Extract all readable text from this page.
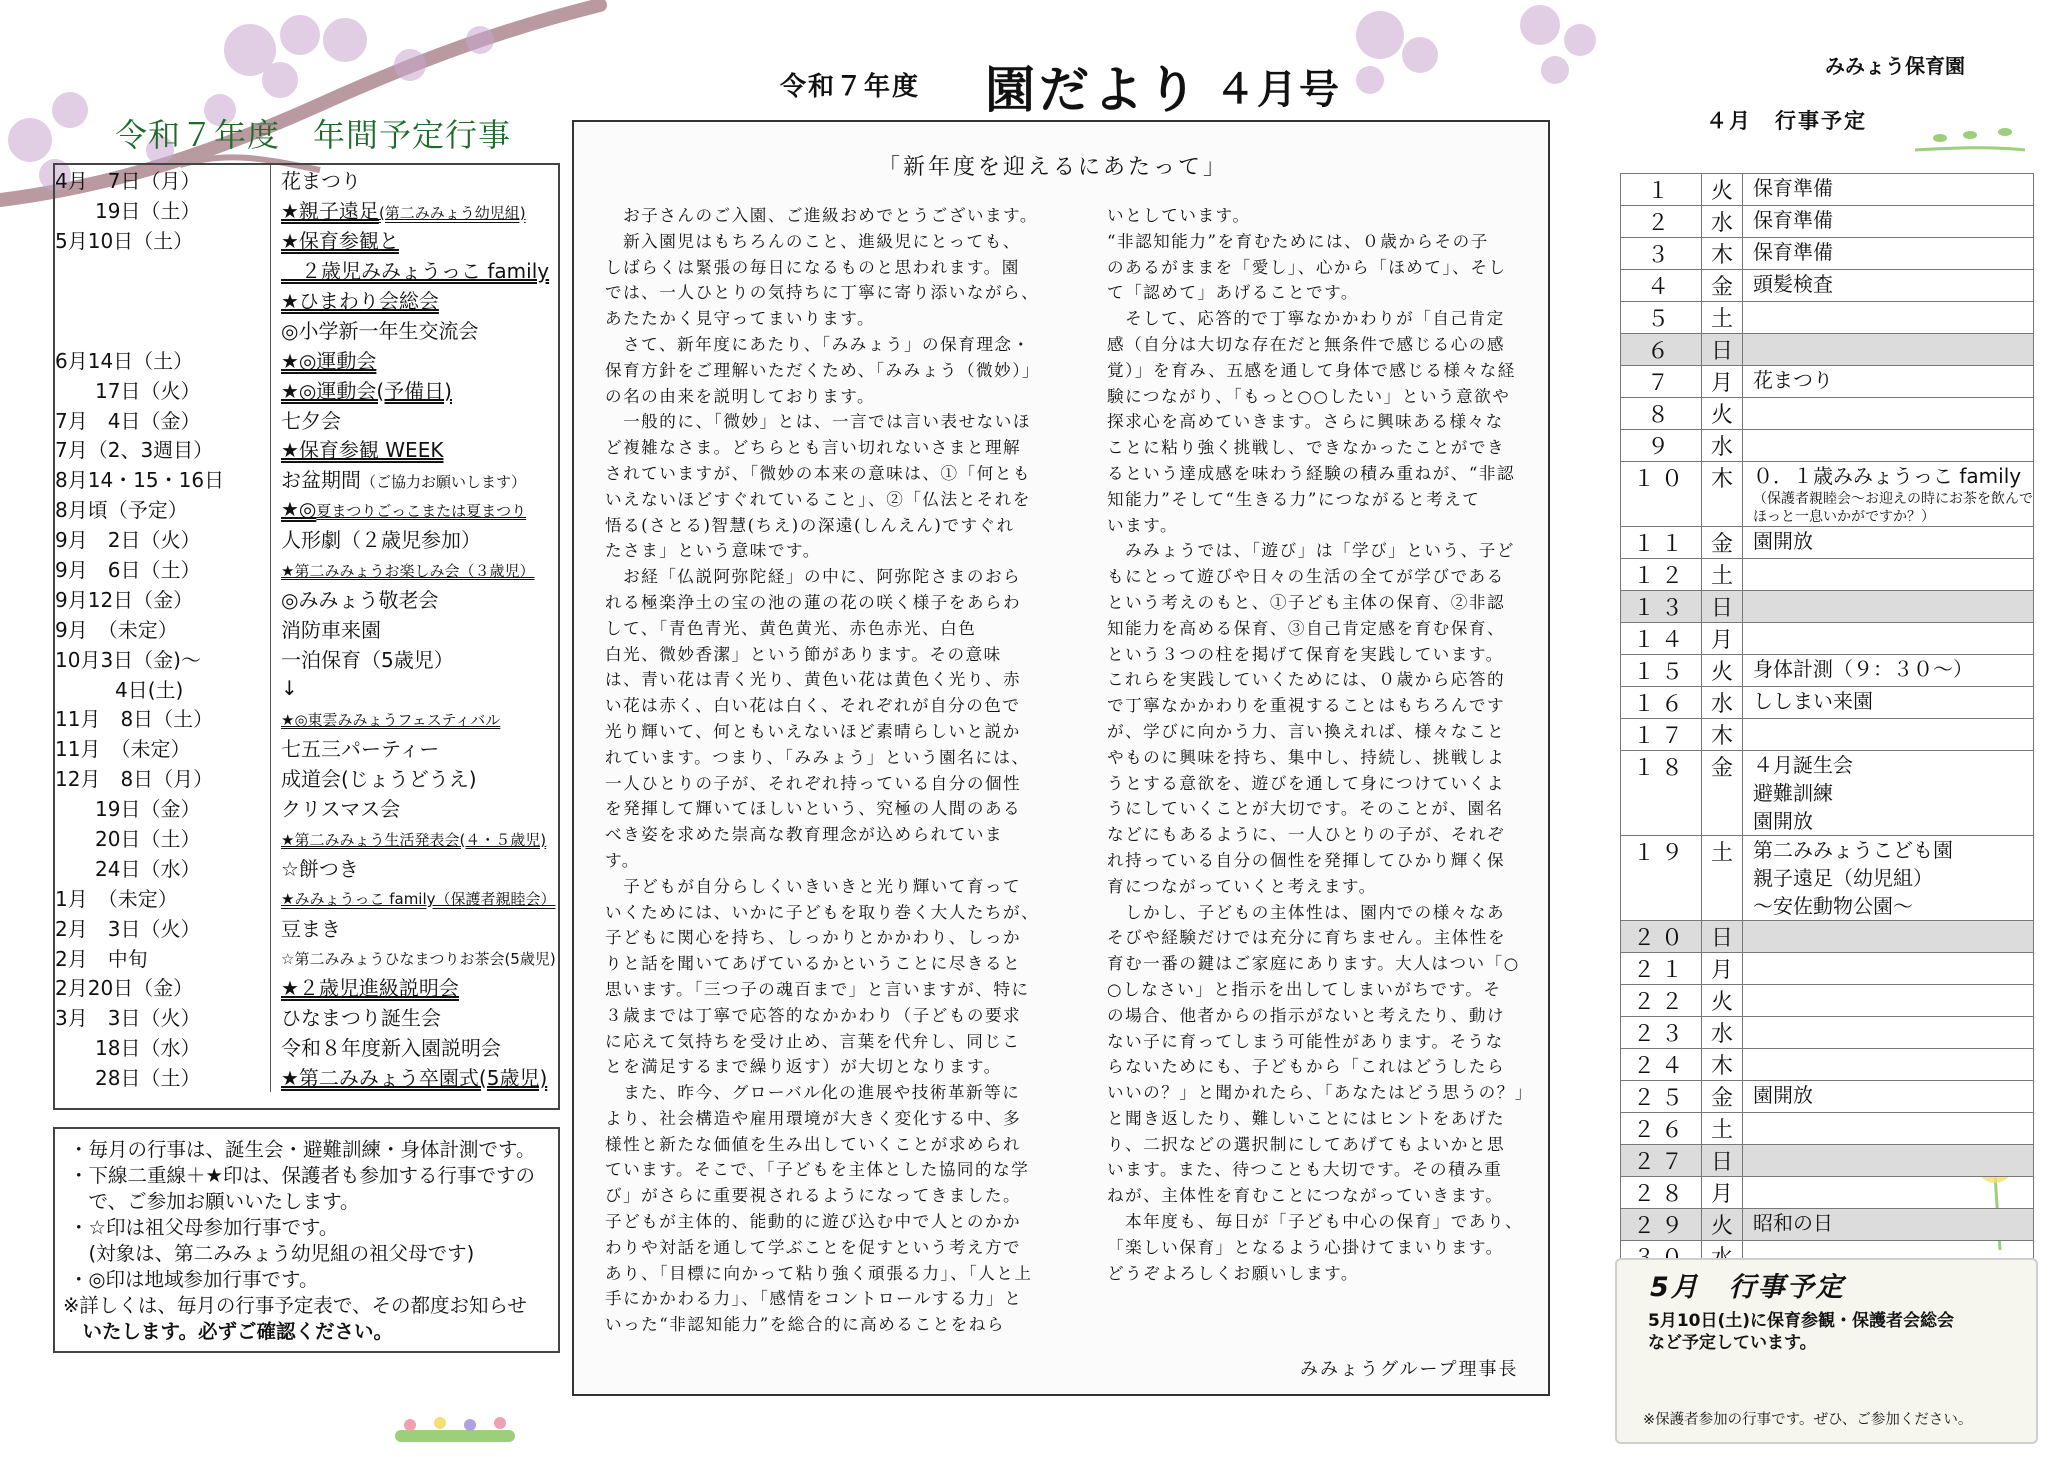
令和７年度 園だより ４月号
みみょう保育園
令和７年度　年間予定行事
4月　7日（月）	花まつり
　　19日（土）	★親子遠足(第二みみょう幼児組)
5月10日（土）	★保育参観と
	　２歳児みみょうっこ family
	★ひまわり会総会
	◎小学新一年生交流会
6月14日（土）	★◎運動会
　　17日（火）	★◎運動会(予備日)
7月　4日（金）	七夕会
7月（2、3週目）	★保育参観 WEEK
8月14・15・16日	お盆期間（ご協力お願いします）
8月頃（予定）	★◎夏まつりごっこまたは夏まつり
9月　2日（火）	人形劇（２歳児参加）
9月　6日（土）	★第二みみょうお楽しみ会（３歳児）
9月12日（金）	◎みみょう敬老会
9月　（未定）	消防車来園
10月3日（金)～	一泊保育（5歳児）
　　　4日(土)	↓
11月　8日（土）	★◎東雲みみょうフェスティバル
11月　（未定）	七五三パーティー
12月　8日（月）	成道会(じょうどうえ)
　　19日（金）	クリスマス会
　　20日（土）	★第二みみょう生活発表会(４・５歳児)
　　24日（水）	☆餅つき
1月　（未定）	★みみょうっこ family（保護者親睦会）
2月　3日（火）	豆まき
2月　中旬	☆第二みみょうひなまつりお茶会(5歳児)
2月20日（金）	★２歳児進級説明会
3月　3日（火）	ひなまつり誕生会
　　18日（水）	令和８年度新入園説明会
　　28日（土）	★第二みみょう卒園式(5歳児)
・毎月の行事は、誕生会・避難訓練・身体計測です。
・下線二重線＋★印は、保護者も参加する行事ですの
　で、ご参加お願いいたします。
・☆印は祖父母参加行事です。
　(対象は、第二みみょう幼児組の祖父母です)
・◎印は地域参加行事です。
※詳しくは、毎月の行事予定表で、その都度お知らせ
　いたします。必ずご確認ください。
「新年度を迎えるにあたって」
　お子さんのご入園、ご進級おめでとうございます。
　新入園児はもちろんのこと、進級児にとっても、
しばらくは緊張の毎日になるものと思われます。園
では、一人ひとりの気持ちに丁寧に寄り添いながら、
あたたかく見守ってまいります。
　さて、新年度にあたり、「みみょう」の保育理念・
保育方針をご理解いただくため、「みみょう（微妙）」
の名の由来を説明しております。
　一般的に、「微妙」とは、一言では言い表せないほ
ど複雑なさま。どちらとも言い切れないさまと理解
されていますが、「微妙の本来の意味は、①「何とも
いえないほどすぐれていること」、②「仏法とそれを
悟る(さとる)智慧(ちえ)の深遠(しんえん)ですぐれ
たさま」という意味です。
　お経「仏説阿弥陀経」の中に、阿弥陀さまのおら
れる極楽浄土の宝の池の蓮の花の咲く様子をあらわ
して、「青色青光、黄色黄光、赤色赤光、白色
白光、微妙香潔」という節があります。その意味
は、青い花は青く光り、黄色い花は黄色く光り、赤
い花は赤く、白い花は白く、それぞれが自分の色で
光り輝いて、何ともいえないほど素晴らしいと説か
れています。つまり、「みみょう」という園名には、
一人ひとりの子が、それぞれ持っている自分の個性
を発揮して輝いてほしいという、究極の人間のある
べき姿を求めた崇高な教育理念が込められていま
す。
　子どもが自分らしくいきいきと光り輝いて育って
いくためには、いかに子どもを取り巻く大人たちが、
子どもに関心を持ち、しっかりとかかわり、しっか
りと話を聞いてあげているかということに尽きると
思います。「三つ子の魂百まで」と言いますが、特に
３歳までは丁寧で応答的なかかわり（子どもの要求
に応えて気持ちを受け止め、言葉を代弁し、同じこ
とを満足するまで繰り返す）が大切となります。
　また、昨今、グローバル化の進展や技術革新等に
より、社会構造や雇用環境が大きく変化する中、多
様性と新たな価値を生み出していくことが求められ
ています。そこで、「子どもを主体とした協同的な学
び」がさらに重要視されるようになってきました。
子どもが主体的、能動的に遊び込む中で人とのかか
わりや対話を通して学ぶことを促すという考え方で
あり、「目標に向かって粘り強く頑張る力」、「人と上
手にかかわる力」、「感情をコントロールする力」と
いった“非認知能力”を総合的に高めることをねら
いとしています。
“非認知能力”を育むためには、０歳からその子
のあるがままを「愛し」、心から「ほめて」、そし
て「認めて」あげることです。
　そして、応答的で丁寧なかかわりが「自己肯定
感（自分は大切な存在だと無条件で感じる心の感
覚）」を育み、五感を通して身体で感じる様々な経
験につながり、「もっと○○したい」という意欲や
探求心を高めていきます。さらに興味ある様々な
ことに粘り強く挑戦し、できなかったことができ
るという達成感を味わう経験の積み重ねが、“非認
知能力”そして“生きる力”につながると考えて
います。
　みみょうでは、「遊び」は「学び」という、子ど
もにとって遊びや日々の生活の全てが学びである
という考えのもと、①子ども主体の保育、②非認
知能力を高める保育、③自己肯定感を育む保育、
という３つの柱を掲げて保育を実践しています。
これらを実践していくためには、０歳から応答的
で丁寧なかかわりを重視することはもちろんです
が、学びに向かう力、言い換えれば、様々なこと
やものに興味を持ち、集中し、持続し、挑戦しよ
うとする意欲を、遊びを通して身につけていくよ
うにしていくことが大切です。そのことが、園名
などにもあるように、一人ひとりの子が、それぞ
れ持っている自分の個性を発揮してひかり輝く保
育につながっていくと考えます。
　しかし、子どもの主体性は、園内での様々なあ
そびや経験だけでは充分に育ちません。主体性を
育む一番の鍵はご家庭にあります。大人はつい「○
○しなさい」と指示を出してしまいがちです。そ
の場合、他者からの指示がないと考えたり、動け
ない子に育ってしまう可能性があります。そうな
らないためにも、子どもから「これはどうしたら
いいの？」と聞かれたら、「あなたはどう思うの？」
と聞き返したり、難しいことにはヒントをあげた
り、二択などの選択制にしてあげてもよいかと思
います。また、待つことも大切です。その積み重
ねが、主体性を育むことにつながっていきます。
　本年度も、毎日が「子ども中心の保育」であり、
「楽しい保育」となるよう心掛けてまいります。
どうぞよろしくお願いします。
みみょうグループ理事長
４月　行事予定
１	火	保育準備
２	水	保育準備
３	木	保育準備
４	金	頭髪検査
５	土	
６	日	
７	月	花まつり
８	火	
９	水	
１０	木	０．１歳みみょうっこ family
（保護者親睦会～お迎えの時にお茶を飲んでほっと一息いかがですか？）

１１	金	園開放
１２	土	
１３	日	
１４	月	
１５	火	身体計測（９：３０～）
１６	水	ししまい来園
１７	木	
１８	金	４月誕生会
避難訓練
園開放
１９	土	第二みみょうこども園
親子遠足（幼児組）
～安佐動物公園～
２０	日	
２１	月	
２２	火	
２３	水	
２４	木	
２５	金	園開放
２６	土	
２７	日	
２８	月	
２９	火	昭和の日

5月　行事予定
5月10日(土)に保育参観・保護者会総会
など予定しています。
※保護者参加の行事です。ぜひ、ご参加ください。
